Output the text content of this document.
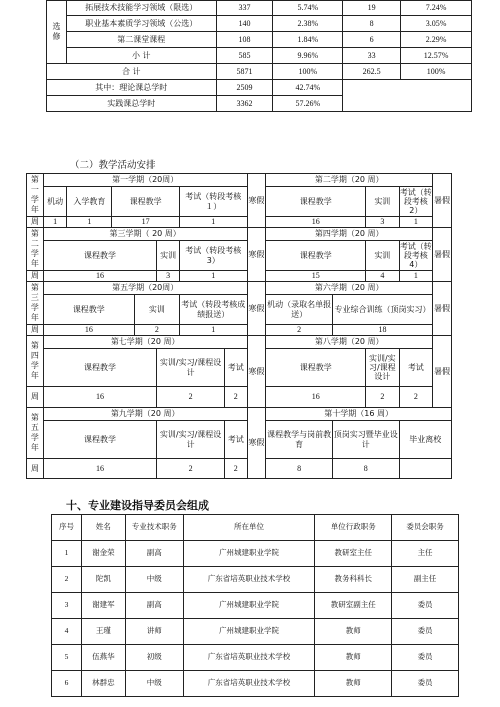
选
修	拓展技术技能学习领域（限选）	337	5.74%	19	7.24%
	职业基本素质学习领域（公选）	140	2.38%	8	3.05%
	第二课堂课程	108	1.84%	6	2.29%
	小 计	585	9.96%	33	12.57%
合 计		5871	100%	262.5	100%
其中：理论课总学时		2509	42.74%		
实践课总学时		3362	57.26%		
（二）教学活动安排
第一学年	第一学期（20周）							寒假	第二学期（20 周）				暑假
	机动	入学教育	课程教学			考试（转段考核１）			课程教学		实训	考试（转段考核 2）	
周	1	1	17			1			16		3	1	
第二学年	第三学期（ 20 周）							寒假	第四学期（20 周）				暑假
	课程教学				实训	考试（转段考核 3）			课程教学		实训	考试（转段考核 4）	
周	16				3	1			15		4	1	
第三学年	第五学期（20周）							寒假	第六学期（20 周）				暑假
	课程教学			实训		考试（转段考核成绩报送）			机动（录取名单报送）	专业综合训练（顶岗实习）			
周	16			2		1			2	18			
第四学年	第七学期（20 周）							寒假	第八学期（20 周）				暑假
	课程教学				实训/实习/课程设计		考试		课程教学		实训/实习/课程设计	考试	
周	16				2		2		16		2	2	
第五学年	第九学期（20 周）							寒假	第十学期（16 周）				
	课程教学				实训/实习/课程设计		考试		课程教学与岗前教育	顶岗实习暨毕业设计		毕业离校	
周	16				2		2		8	8			
十、专业建设指导委员会组成
序号	姓名	专业技术职务	所在单位	单位行政职务	委员会职务
1	谢金荣	副高	广州城建职业学院	教研室主任	主任
2	陀凯	中级	广东省培英职业技术学校	教务科科长	副主任
3	谢建军	副高	广州城建职业学院	教研室副主任	委员
4	王瑾	讲师	广州城建职业学院	教师	委员
5	伍燕华	初级	广东省培英职业技术学校	教师	委员
6	林群忠	中级	广东省培英职业技术学校	教师	委员
